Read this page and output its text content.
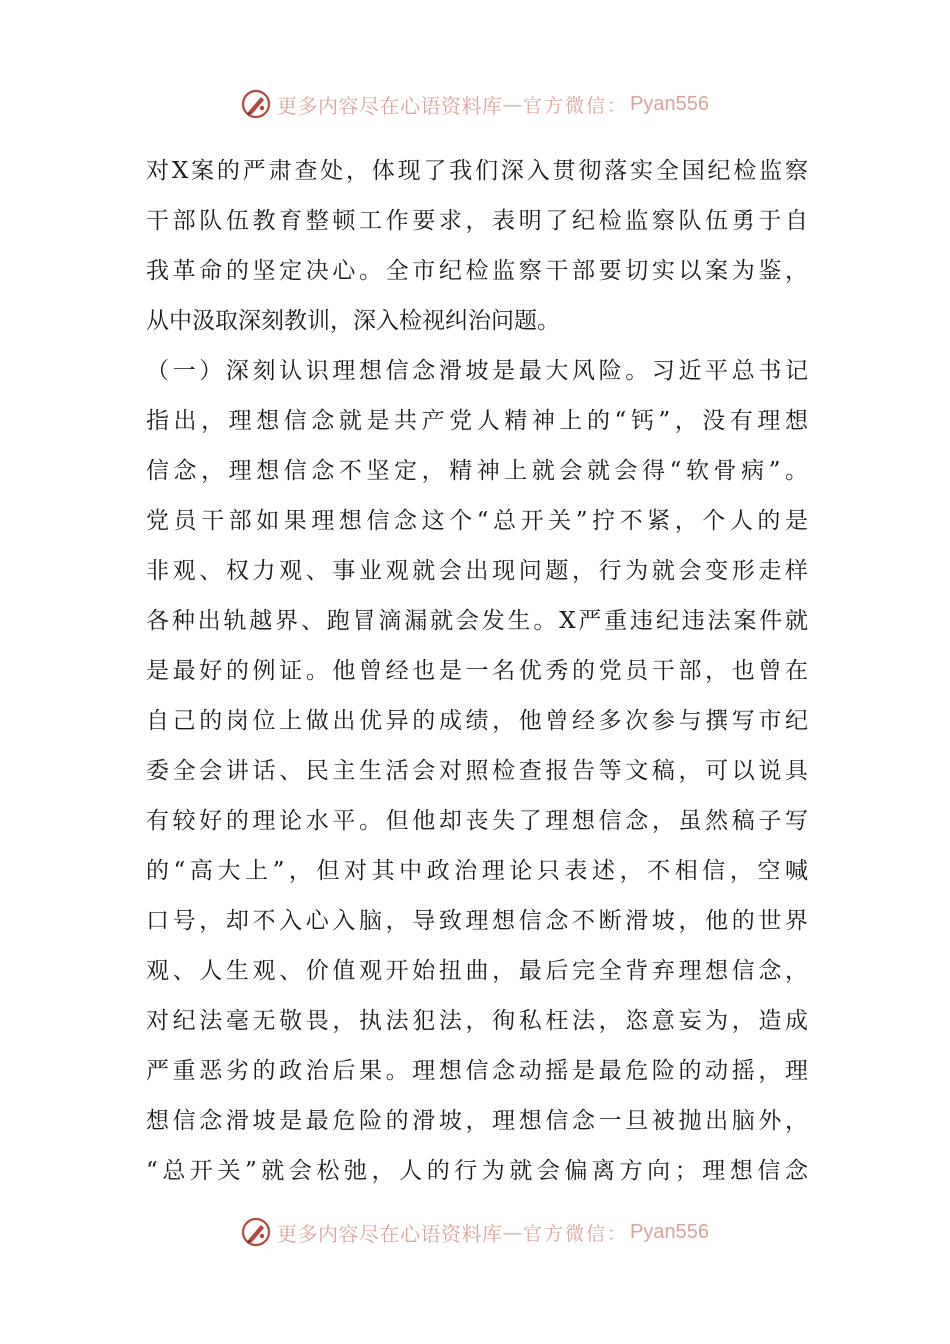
更多内容尽在心语资料库 — 官方微信： Pyan556
对X案的严肃查处，体现了我们深入贯彻落实全国纪检监察
干部队伍教育整顿工作要求，表明了纪检监察队伍勇于自
我革命的坚定决心。全市纪检监察干部要切实以案为鉴，
从中汲取深刻教训，深入检视纠治问题。
（一）深刻认识理想信念滑坡是最大风险。习近平总书记
指出，理想信念就是共产党人精神上的“钙”，没有理想
信念，理想信念不坚定，精神上就会就会得“软骨病”。
党员干部如果理想信念这个“总开关”拧不紧，个人的是
非观、权力观、事业观就会出现问题，行为就会变形走样
各种出轨越界、跑冒滴漏就会发生。X严重违纪违法案件就
是最好的例证。他曾经也是一名优秀的党员干部，也曾在
自己的岗位上做出优异的成绩，他曾经多次参与撰写市纪
委全会讲话、民主生活会对照检查报告等文稿，可以说具
有较好的理论水平。但他却丧失了理想信念，虽然稿子写
的“高大上”，但对其中政治理论只表述，不相信，空喊
口号，却不入心入脑，导致理想信念不断滑坡，他的世界
观、人生观、价值观开始扭曲，最后完全背弃理想信念，
对纪法毫无敬畏，执法犯法，徇私枉法，恣意妄为，造成
严重恶劣的政治后果。理想信念动摇是最危险的动摇，理
想信念滑坡是最危险的滑坡，理想信念一旦被抛出脑外，
“总开关”就会松弛，人的行为就会偏离方向；理想信念
更多内容尽在心语资料库 — 官方微信： Pyan556
